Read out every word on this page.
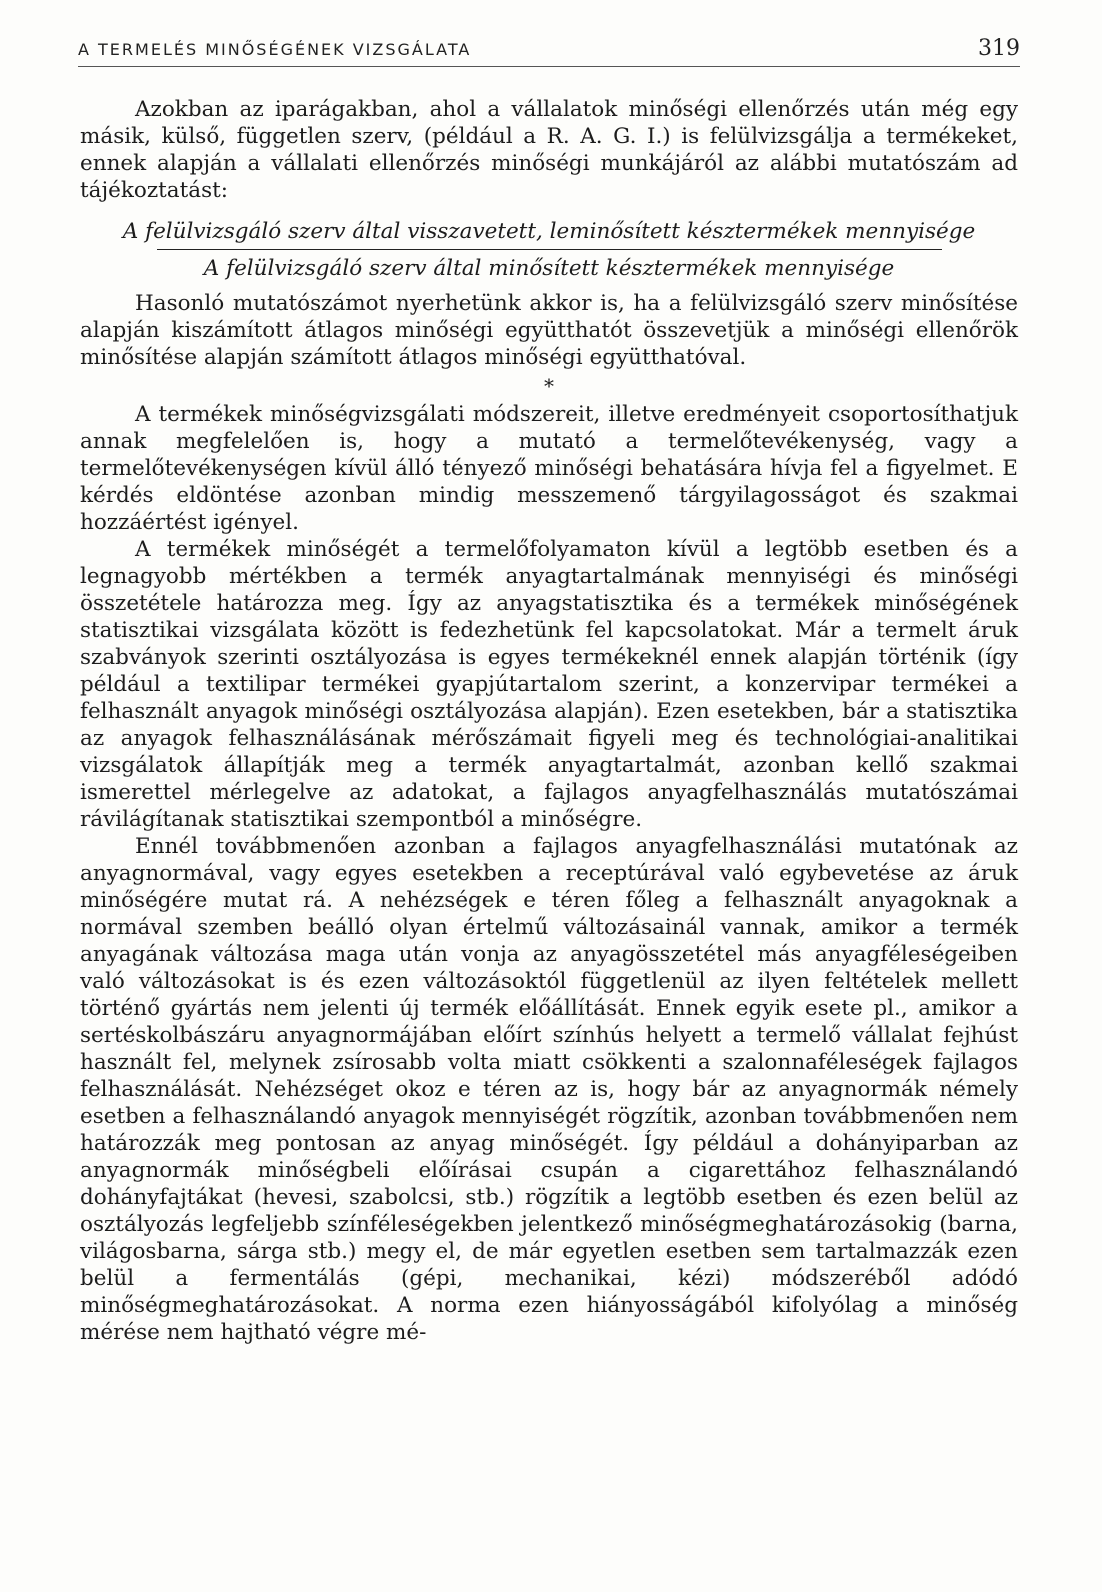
A TERMELÉS MINŐSÉGÉNEK VIZSGÁLATA	319

Azokban az iparágakban, ahol a vállalatok minőségi ellenőrzés után még egy másik, külső, független szerv, (például a R. A. G. I.) is felülvizsgálja a termékeket, ennek alapján a vállalati ellenőrzés minőségi munkájáról az alábbi mutatószám ad tájékoztatást:

A felülvizsgáló szerv által visszavetett, leminősített késztermékek mennyisége
A felülvizsgáló szerv által minősített késztermékek mennyisége

Hasonló mutatószámot nyerhetünk akkor is, ha a felülvizsgáló szerv minősítése alapján kiszámított átlagos minőségi együtthatót összevetjük a minőségi ellenőrök minősítése alapján számított átlagos minőségi együtthatóval.

*

A termékek minőségvizsgálati módszereit, illetve eredményeit csoportosíthatjuk annak megfelelően is, hogy a mutató a termelőtevékenység, vagy a termelőtevékenységen kívül álló tényező minőségi behatására hívja fel a figyelmet. E kérdés eldöntése azonban mindig messzemenő tárgyilagosságot és szakmai hozzáértést igényel.

A termékek minőségét a termelőfolyamaton kívül a legtöbb esetben és a legnagyobb mértékben a termék anyagtartalmának mennyiségi és minőségi összetétele határozza meg. Így az anyagstatisztika és a termékek minőségének statisztikai vizsgálata között is fedezhetünk fel kapcsolatokat. Már a termelt áruk szabványok szerinti osztályozása is egyes termékeknél ennek alapján történik (így például a textilipar termékei gyapjútartalom szerint, a konzervipar termékei a felhasznált anyagok minőségi osztályozása alapján). Ezen esetekben, bár a statisztika az anyagok felhasználásának mérőszámait figyeli meg és technológiai-analitikai vizsgálatok állapítják meg a termék anyagtartalmát, azonban kellő szakmai ismerettel mérlegelve az adatokat, a fajlagos anyagfelhasználás mutatószámai rávilágítanak statisztikai szempontból a minőségre.

Ennél továbbmenően azonban a fajlagos anyagfelhasználási mutatónak az anyagnormával, vagy egyes esetekben a receptúrával való egybevetése az áruk minőségére mutat rá. A nehézségek e téren főleg a felhasznált anyagoknak a normával szemben beálló olyan értelmű változásainál vannak, amikor a termék anyagának változása maga után vonja az anyagösszetétel más anyagféleségeiben való változásokat is és ezen változásoktól függetlenül az ilyen feltételek mellett történő gyártás nem jelenti új termék előállítását. Ennek egyik esete pl., amikor a sertéskolbászáru anyagnormájában előírt színhús helyett a termelő vállalat fejhúst használt fel, melynek zsírosabb volta miatt csökkenti a szalonnaféleségek fajlagos felhasználását. Nehézséget okoz e téren az is, hogy bár az anyagnormák némely esetben a felhasználandó anyagok mennyiségét rögzítik, azonban továbbmenően nem határozzák meg pontosan az anyag minőségét. Így például a dohányiparban az anyagnormák minőségbeli előírásai csupán a cigarettához felhasználandó dohányfajtákat (hevesi, szabolcsi, stb.) rögzítik a legtöbb esetben és ezen belül az osztályozás legfeljebb színféleségekben jelentkező minőségmeghatározásokig (barna, világosbarna, sárga stb.) megy el, de már egyetlen esetben sem tartalmazzák ezen belül a fermentálás (gépi, mechanikai, kézi) módszeréből adódó minőségmeghatározásokat. A norma ezen hiányosságából kifolyólag a minőség mérése nem hajtható végre mé-
